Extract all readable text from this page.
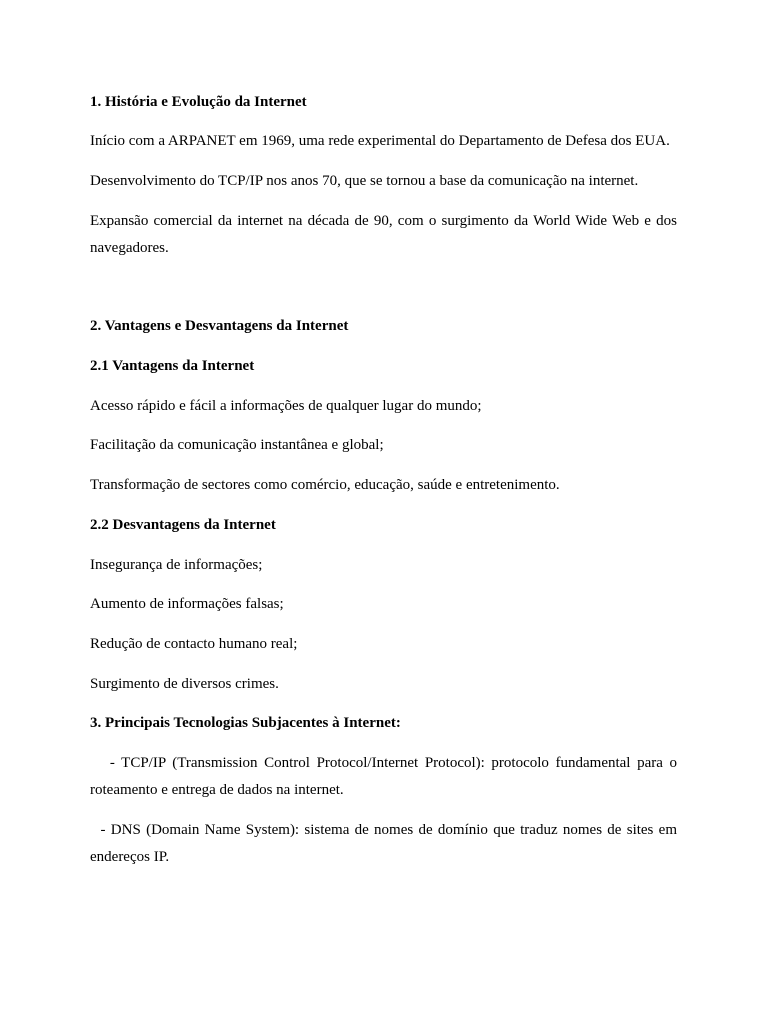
1. História e Evolução da Internet
Início com a ARPANET em 1969, uma rede experimental do Departamento de Defesa dos EUA.
Desenvolvimento do TCP/IP nos anos 70, que se tornou a base da comunicação na internet.
Expansão comercial da internet na década de 90, com o surgimento da World Wide Web e dos
navegadores.
2. Vantagens e Desvantagens da Internet
2.1 Vantagens da Internet
Acesso rápido e fácil a informações de qualquer lugar do mundo;
Facilitação da comunicação instantânea e global;
Transformação de sectores como comércio, educação, saúde e entretenimento.
2.2 Desvantagens da Internet
Insegurança de informações;
Aumento de informações falsas;
Redução de contacto humano real;
Surgimento de diversos crimes.
3. Principais Tecnologias Subjacentes à Internet:
- TCP/IP (Transmission Control Protocol/Internet Protocol): protocolo fundamental para o
roteamento e entrega de dados na internet.
- DNS (Domain Name System): sistema de nomes de domínio que traduz nomes de sites em
endereços IP.
